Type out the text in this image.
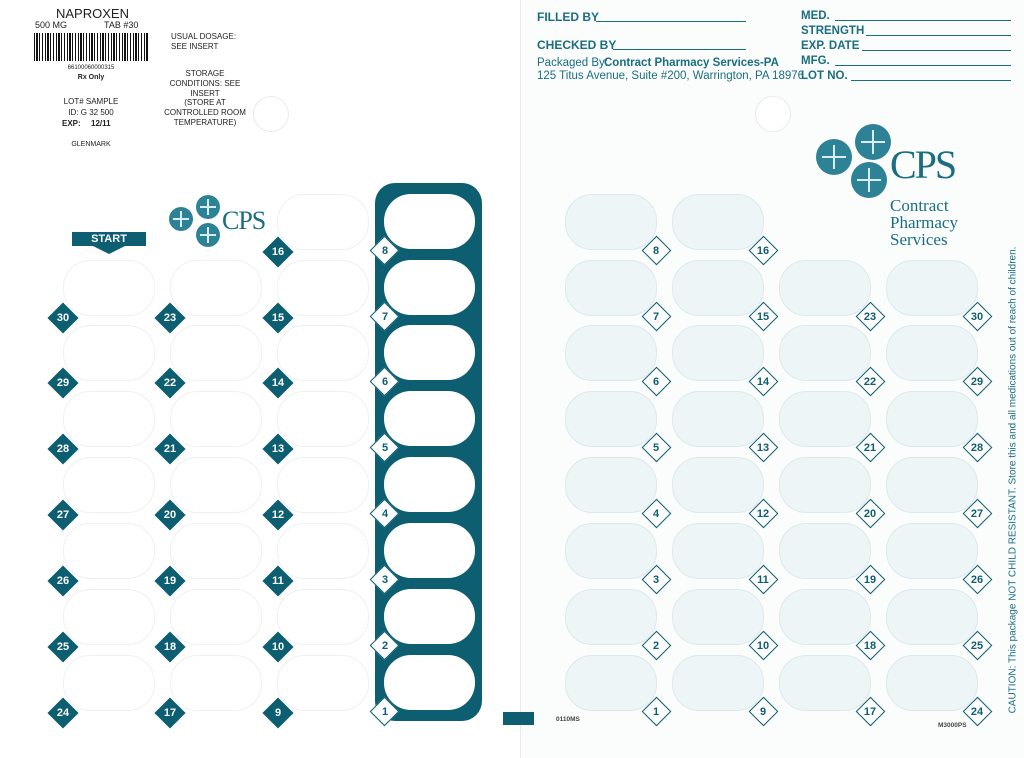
NAPROXEN
500 MG	TAB #30
66100060000315
Rx Only
LOT# SAMPLE
ID: G 32 500
EXP: 12/11
GLENMARK
USUAL DOSAGE:
SEE INSERT
STORAGE
CONDITIONS: SEE
INSERT
(STORE AT
CONTROLLED ROOM
TEMPERATURE)
CPS
START
FILLED BY
CHECKED BY
Packaged By:
Contract Pharmacy Services-PA
125 Titus Avenue, Suite #200, Warrington, PA 18976
MED.
STRENGTH
EXP. DATE
MFG.
LOT NO.
CPS
Contract
Pharmacy
Services
0110MS
M3000PS
CAUTION: This package NOT CHILD RESISTANT. Store this and all medications out of reach of children.
30
29
28
27
26
25
24
23
22
21
20
19
18
17
16
15
14
13
12
11
10
9
8
7
6
5
4
3
2
1
8
7
6
5
4
3
2
1
16
15
14
13
12
11
10
9
23
22
21
20
19
18
17
30
29
28
27
26
25
24
